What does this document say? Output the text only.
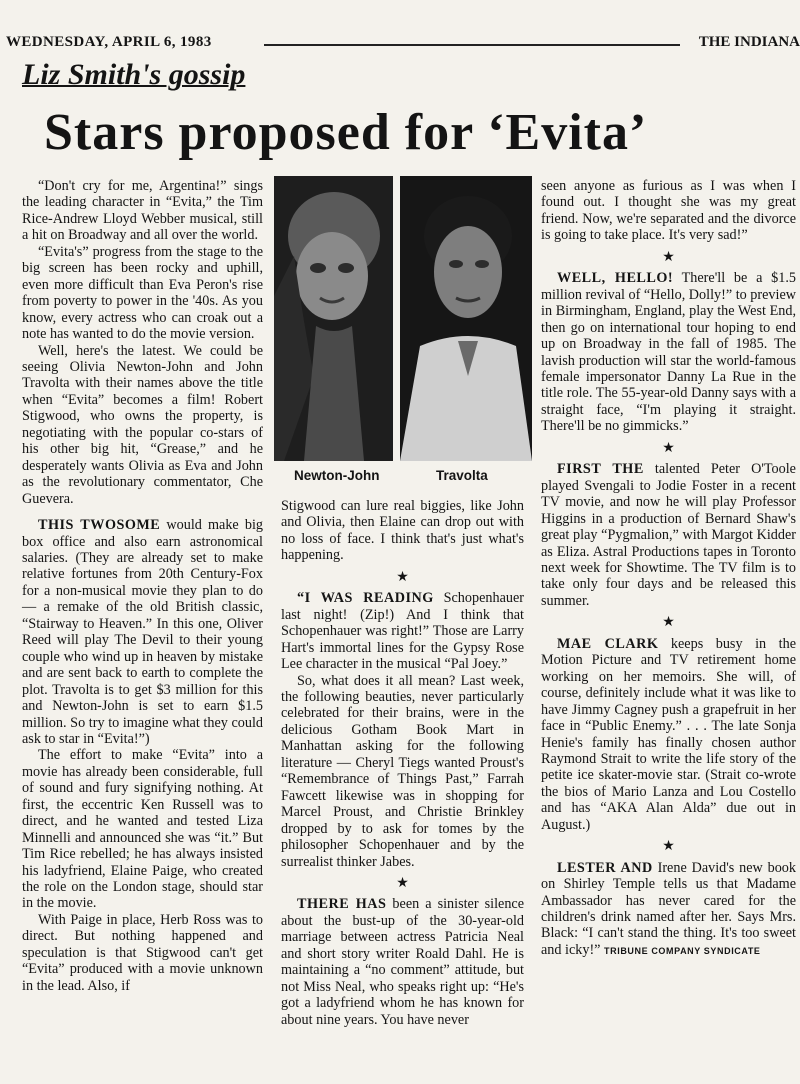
WEDNESDAY, APRIL 6, 1983	THE INDIANA
Liz Smith's gossip
Stars proposed for ‘Evita’
Newton-John	Travolta

“Don't cry for me, Argentina!” sings the leading character in “Evita,” the Tim Rice-Andrew Lloyd Webber musical, still a hit on Broadway and all over the world.

“Evita's” progress from the stage to the big screen has been rocky and uphill, even more difficult than Eva Peron's rise from poverty to power in the '40s. As you know, every actress who can croak out a note has wanted to do the movie version.

Well, here's the latest. We could be seeing Olivia Newton-John and John Travolta with their names above the title when “Evita” becomes a film! Robert Stigwood, who owns the property, is negotiating with the popular co-stars of his other big hit, “Grease,” and he desperately wants Olivia as Eva and John as the revolutionary commentator, Che Guevera.

THIS TWOSOME would make big box office and also earn astronomical salaries. (They are already set to make relative fortunes from 20th Century-Fox for a non-musical movie they plan to do — a remake of the old British classic, “Stairway to Heaven.” In this one, Oliver Reed will play The Devil to their young couple who wind up in heaven by mistake and are sent back to earth to complete the plot. Travolta is to get $3 million for this and Newton-John is set to earn $1.5 million. So try to imagine what they could ask to star in “Evita!”)

The effort to make “Evita” into a movie has already been considerable, full of sound and fury signifying nothing. At first, the eccentric Ken Russell was to direct, and he wanted and tested Liza Minnelli and announced she was “it.” But Tim Rice rebelled; he has always insisted his ladyfriend, Elaine Paige, who created the role on the London stage, should star in the movie.

With Paige in place, Herb Ross was to direct. But nothing happened and speculation is that Stigwood can't get “Evita” produced with a movie unknown in the lead. Also, if

Stigwood can lure real biggies, like John and Olivia, then Elaine can drop out with no loss of face. I think that's just what's happening.

★

“I WAS READING Schopenhauer last night! (Zip!) And I think that Schopenhauer was right!” Those are Larry Hart's immortal lines for the Gypsy Rose Lee character in the musical “Pal Joey.”

So, what does it all mean? Last week, the following beauties, never particularly celebrated for their brains, were in the delicious Gotham Book Mart in Manhattan asking for the following literature — Cheryl Tiegs wanted Proust's “Remembrance of Things Past,” Farrah Fawcett likewise was in shopping for Marcel Proust, and Christie Brinkley dropped by to ask for tomes by the philosopher Schopenhauer and by the surrealist thinker Jabes.

★

THERE HAS been a sinister silence about the bust-up of the 30-year-old marriage between actress Patricia Neal and short story writer Roald Dahl. He is maintaining a “no comment” attitude, but not Miss Neal, who speaks right up: “He's got a ladyfriend whom he has known for about nine years. You have never

seen anyone as furious as I was when I found out. I thought she was my great friend. Now, we're separated and the divorce is going to take place. It's very sad!”

★

WELL, HELLO! There'll be a $1.5 million revival of “Hello, Dolly!” to preview in Birmingham, England, play the West End, then go on international tour hoping to end up on Broadway in the fall of 1985. The lavish production will star the world-famous female impersonator Danny La Rue in the title role. The 55-year-old Danny says with a straight face, “I'm playing it straight. There'll be no gimmicks.”

★

FIRST THE talented Peter O'Toole played Svengali to Jodie Foster in a recent TV movie, and now he will play Professor Higgins in a production of Bernard Shaw's great play “Pygmalion,” with Margot Kidder as Eliza. Astral Productions tapes in Toronto next week for Showtime. The TV film is to take only four days and be released this summer.

★

MAE CLARK keeps busy in the Motion Picture and TV retirement home working on her memoirs. She will, of course, definitely include what it was like to have Jimmy Cagney push a grapefruit in her face in “Public Enemy.” . . . The late Sonja Henie's family has finally chosen author Raymond Strait to write the life story of the petite ice skater-movie star. (Strait co-wrote the bios of Mario Lanza and Lou Costello and has “AKA Alan Alda” due out in August.)

★

LESTER AND Irene David's new book on Shirley Temple tells us that Madame Ambassador has never cared for the children's drink named after her. Says Mrs. Black: “I can't stand the thing. It's too sweet and icky!” TRIBUNE COMPANY SYNDICATE
